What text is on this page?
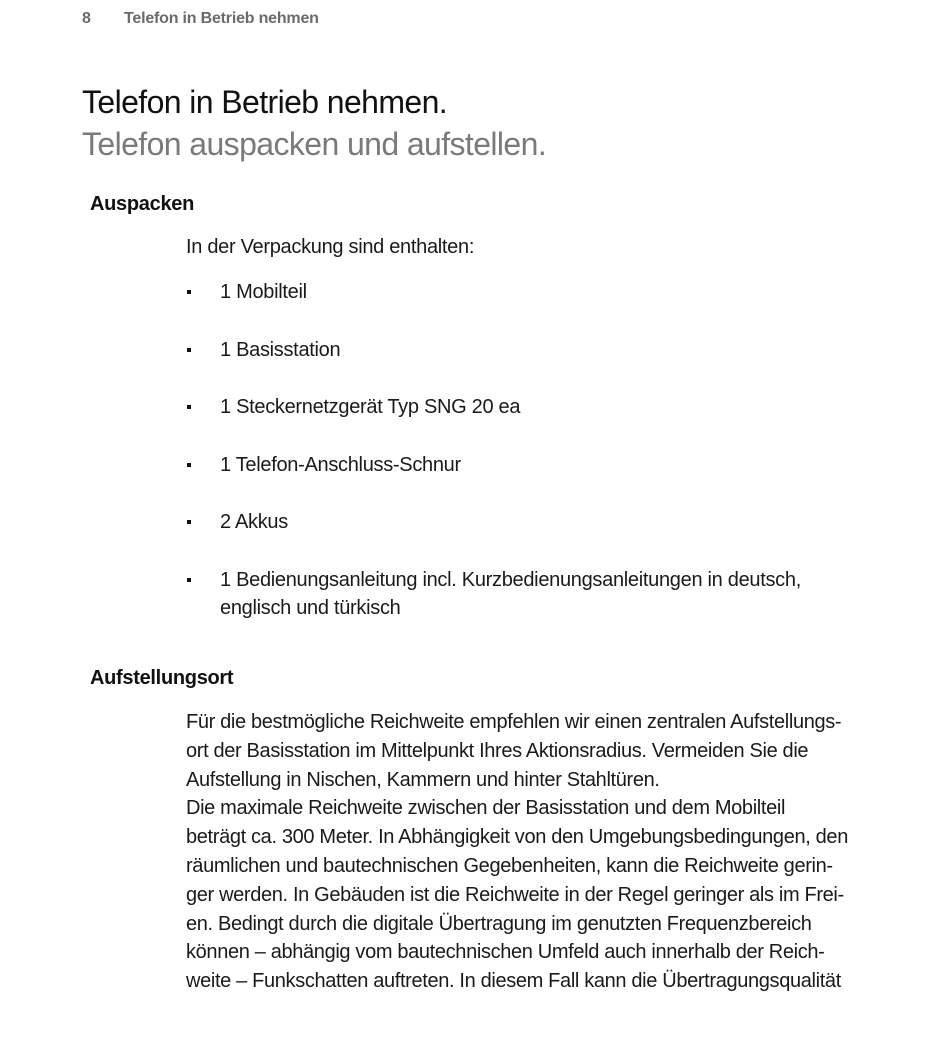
8 Telefon in Betrieb nehmen
Telefon in Betrieb nehmen.
Telefon auspacken und aufstellen.
Auspacken

In der Verpackung sind enthalten:

1 Mobilteil
1 Basisstation
1 Steckernetzgerät Typ SNG 20 ea
1 Telefon-Anschluss-Schnur
2 Akkus
1 Bedienungsanleitung incl. Kurzbedienungsanleitungen in deutsch, englisch und türkisch
Aufstellungsort

Für die bestmögliche Reichweite empfehlen wir einen zentralen Aufstellungs-
ort der Basisstation im Mittelpunkt Ihres Aktionsradius. Vermeiden Sie die
Aufstellung in Nischen, Kammern und hinter Stahltüren.
Die maximale Reichweite zwischen der Basisstation und dem Mobilteil
beträgt ca. 300 Meter. In Abhängigkeit von den Umgebungsbedingungen, den
räumlichen und bautechnischen Gegebenheiten, kann die Reichweite gerin-
ger werden. In Gebäuden ist die Reichweite in der Regel geringer als im Frei-
en. Bedingt durch die digitale Übertragung im genutzten Frequenzbereich
können – abhängig vom bautechnischen Umfeld auch innerhalb der Reich-
weite – Funkschatten auftreten. In diesem Fall kann die Übertragungsqualität
